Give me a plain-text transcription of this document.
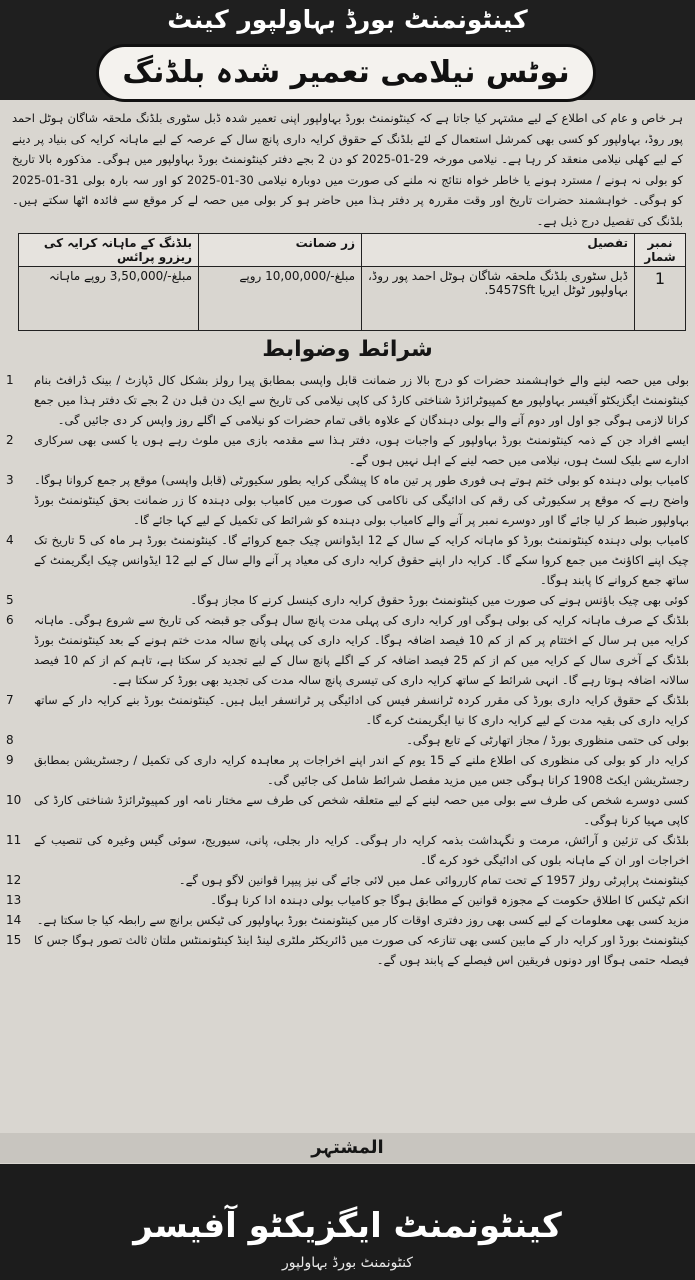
کینٹونمنٹ بورڈ بہاولپور کینٹ
نوٹس نیلامی تعمیر شدہ بلڈنگ
ہر خاص و عام کی اطلاع کے لیے مشتہر کیا جاتا ہے کہ کینٹونمنٹ بورڈ بہاولپور اپنی تعمیر شدہ ڈبل سٹوری بلڈنگ ملحقہ شاگان ہوٹل احمد پور روڈ، بہاولپور کو کسی بھی کمرشل استعمال کے لئے بلڈنگ کے حقوق کرایہ داری پانچ سال کے عرصہ کے لیے ماہانہ کرایہ کی بنیاد پر دینے کے لیے کھلی نیلامی منعقد کر رہا ہے۔ نیلامی مورخہ 29-01-2025 کو دن 2 بجے دفتر کینٹونمنٹ بورڈ بہاولپور میں ہوگی۔ مذکورہ بالا تاریخ کو بولی نہ ہونے / مسترد ہونے یا خاطر خواہ نتائج نہ ملنے کی صورت میں دوبارہ نیلامی 30-01-2025 کو اور سہ بارہ بولی 31-01-2025 کو ہوگی۔ خواہشمند حضرات تاریخ اور وقت مقررہ پر دفتر ہذا میں حاضر ہو کر بولی میں حصہ لے کر موقع سے فائدہ اٹھا سکتے ہیں۔ بلڈنگ کی تفصیل درج ذیل ہے۔
نمبر شمار	تفصیل	زر ضمانت	بلڈنگ کے ماہانہ کرایہ کی ریزرو پرائس
1	ڈبل سٹوری بلڈنگ ملحقہ شاگان ہوٹل احمد پور روڈ، بہاولپور ٹوٹل ایریا 5457Sft.	مبلغ-/10,00,000 روپے	مبلغ-/3,50,000 روپے ماہانہ
شرائط وضوابط
1	بولی میں حصہ لینے والے خواہشمند حضرات کو درج بالا زر ضمانت قابل واپسی بمطابق پیرا رولز بشکل کال ڈپازٹ / بینک ڈرافٹ بنام کینٹونمنٹ ایگزیکٹو آفیسر بہاولپور مع کمپیوٹرائزڈ شناختی کارڈ کی کاپی نیلامی کی تاریخ سے ایک دن قبل دن 2 بجے تک دفتر ہذا میں جمع کرانا لازمی ہوگی جو اول اور دوم آنے والے بولی دہندگان کے علاوہ باقی تمام حضرات کو نیلامی کے اگلے روز واپس کر دی جائیں گی۔
2	ایسے افراد جن کے ذمہ کینٹونمنٹ بورڈ بہاولپور کے واجبات ہوں، دفتر ہذا سے مقدمہ بازی میں ملوث رہے ہوں یا کسی بھی سرکاری ادارے سے بلیک لسٹ ہوں، نیلامی میں حصہ لینے کے اہل نہیں ہوں گے۔
3	کامیاب بولی دہندہ کو بولی ختم ہوتے ہی فوری طور پر تین ماہ کا پیشگی کرایہ بطور سکیورٹی (قابل واپسی) موقع پر جمع کروانا ہوگا۔ واضح رہے کہ موقع پر سکیورٹی کی رقم کی ادائیگی کی ناکامی کی صورت میں کامیاب بولی دہندہ کا زر ضمانت بحق کینٹونمنٹ بورڈ بہاولپور ضبط کر لیا جائے گا اور دوسرے نمبر پر آنے والے کامیاب بولی دہندہ کو شرائط کی تکمیل کے لیے کہا جائے گا۔
4	کامیاب بولی دہندہ کینٹونمنٹ بورڈ کو ماہانہ کرایہ کے سال کے 12 ایڈوانس چیک جمع کروائے گا۔ کینٹونمنٹ بورڈ ہر ماہ کی 5 تاریخ تک چیک اپنے اکاؤنٹ میں جمع کروا سکے گا۔ کرایہ دار اپنے حقوق کرایہ داری کی معیاد پر آنے والے سال کے لیے 12 ایڈوانس چیک ایگریمنٹ کے ساتھ جمع کروانے کا پابند ہوگا۔
5	کوئی بھی چیک باؤنس ہونے کی صورت میں کینٹونمنٹ بورڈ حقوق کرایہ داری کینسل کرنے کا مجاز ہوگا۔
6	بلڈنگ کے صرف ماہانہ کرایہ کی بولی ہوگی اور کرایہ داری کی پہلی مدت پانچ سال ہوگی جو قبضہ کی تاریخ سے شروع ہوگی۔ ماہانہ کرایہ میں ہر سال کے اختتام پر کم از کم 10 فیصد اضافہ ہوگا۔ کرایہ داری کی پہلی پانچ سالہ مدت ختم ہونے کے بعد کینٹونمنٹ بورڈ بلڈنگ کے آخری سال کے کرایہ میں کم از کم 25 فیصد اضافہ کر کے اگلے پانچ سال کے لیے تجدید کر سکتا ہے، تاہم کم از کم 10 فیصد سالانہ اضافہ ہوتا رہے گا۔ انہی شرائط کے ساتھ کرایہ داری کی تیسری پانچ سالہ مدت کی تجدید بھی بورڈ کر سکتا ہے۔
7	بلڈنگ کے حقوق کرایہ داری بورڈ کی مقرر کردہ ٹرانسفر فیس کی ادائیگی پر ٹرانسفر ایبل ہیں۔ کینٹونمنٹ بورڈ بنے کرایہ دار کے ساتھ کرایہ داری کی بقیہ مدت کے لیے کرایہ داری کا نیا ایگریمنٹ کرے گا۔
8	بولی کی حتمی منظوری بورڈ / مجاز اتھارٹی کے تابع ہوگی۔
9	کرایہ دار کو بولی کی منظوری کی اطلاع ملنے کے 15 یوم کے اندر اپنے اخراجات پر معاہدہ کرایہ داری کی تکمیل / رجسٹریشن بمطابق رجسٹریشن ایکٹ 1908 کرانا ہوگی جس میں مزید مفصل شرائط شامل کی جائیں گی۔
10	کسی دوسرے شخص کی طرف سے بولی میں حصہ لینے کے لیے متعلقہ شخص کی طرف سے مختار نامہ اور کمپیوٹرائزڈ شناختی کارڈ کی کاپی مہیا کرنا ہوگی۔
11	بلڈنگ کی تزئین و آرائش، مرمت و نگہداشت بذمہ کرایہ دار ہوگی۔ کرایہ دار بجلی، پانی، سیوریج، سوئی گیس وغیرہ کی تنصیب کے اخراجات اور ان کے ماہانہ بلوں کی ادائیگی خود کرے گا۔
12	کینٹونمنٹ پراپرٹی رولز 1957 کے تحت تمام کارروائی عمل میں لائی جائے گی نیز پیپرا قوانین لاگو ہوں گے۔
13	انکم ٹیکس کا اطلاق حکومت کے مجوزہ قوانین کے مطابق ہوگا جو کامیاب بولی دہندہ ادا کرنا ہوگا۔
14	مزید کسی بھی معلومات کے لیے کسی بھی روز دفتری اوقات کار میں کینٹونمنٹ بورڈ بہاولپور کی ٹیکس برانچ سے رابطہ کیا جا سکتا ہے۔
15	کینٹونمنٹ بورڈ اور کرایہ دار کے مابین کسی بھی تنازعہ کی صورت میں ڈائریکٹر ملٹری لینڈ اینڈ کینٹونمنٹس ملتان ثالث تصور ہوگا جس کا فیصلہ حتمی ہوگا اور دونوں فریقین اس فیصلے کے پابند ہوں گے۔
المشتہر
کینٹونمنٹ ایگزیکٹو آفیسر
کنٹونمنٹ بورڈ بہاولپور
